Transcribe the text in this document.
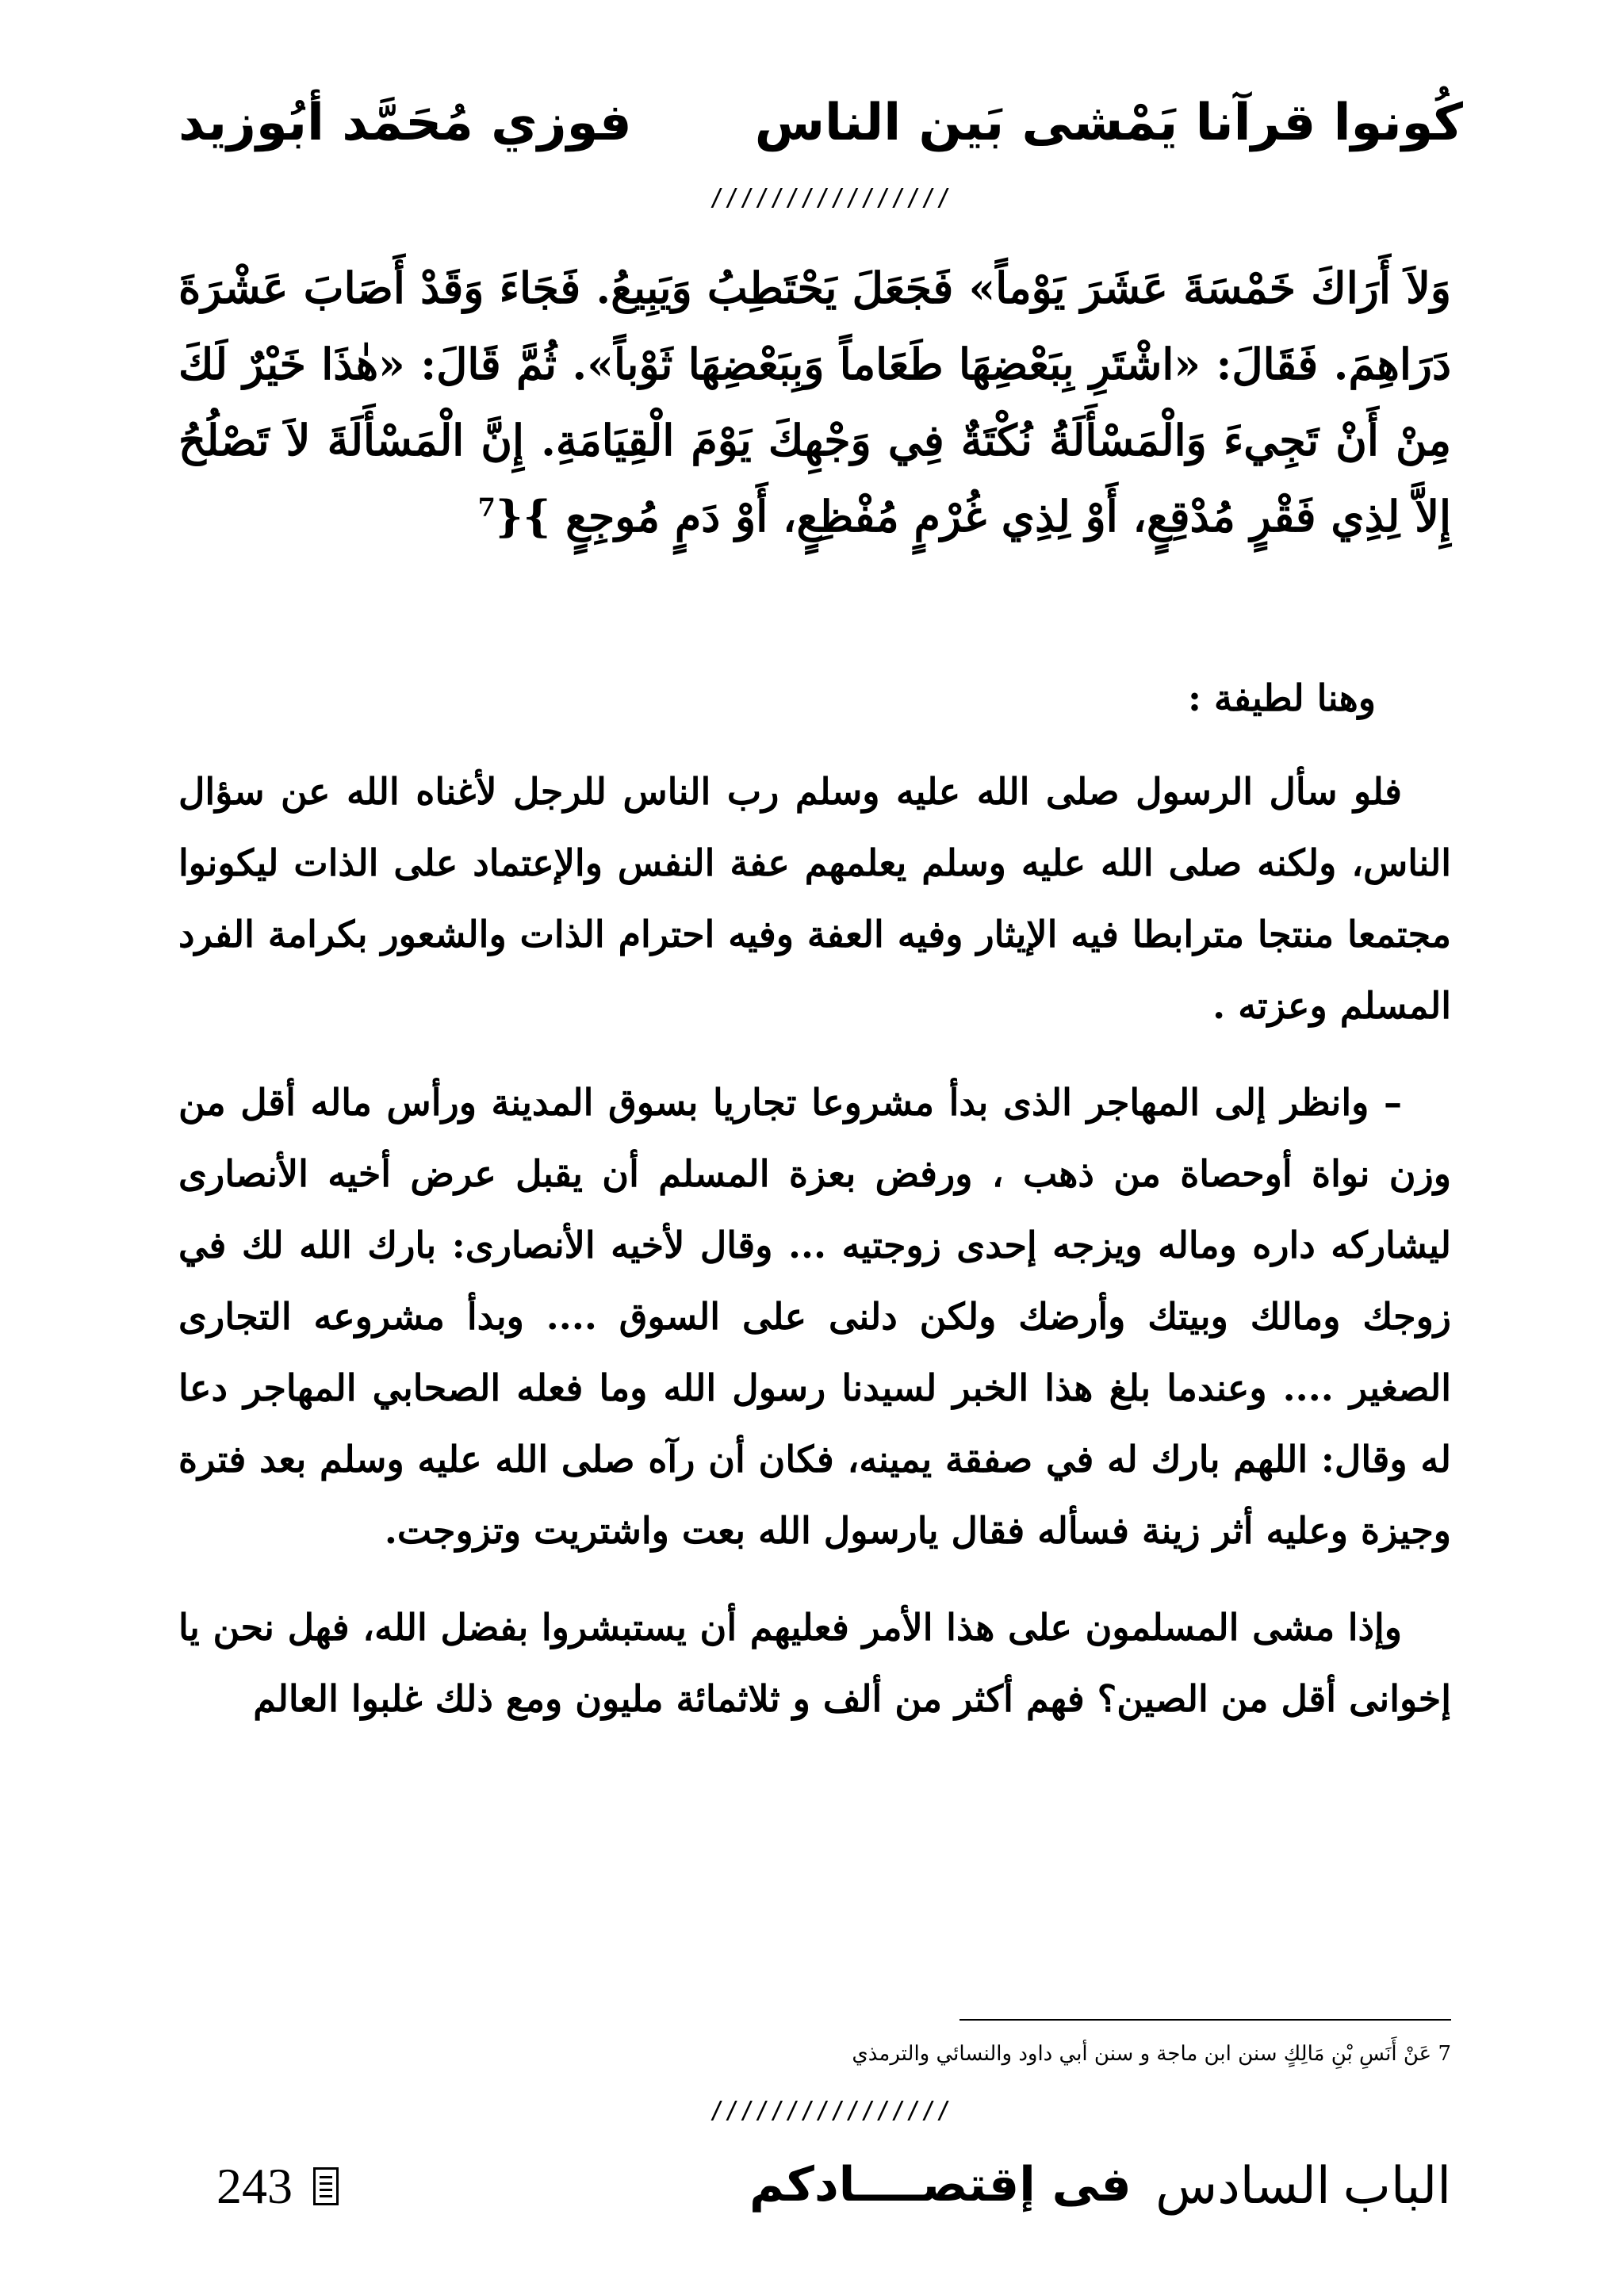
كُونوا قرآنا يَمْشى بَين الناس
فوزي مُحَمَّد أبُوزيد
////////////////
وَلاَ أَرَاكَ خَمْسَةَ عَشَرَ يَوْماً» فَجَعَلَ يَحْتَطِبُ وَيَبِيعُ. فَجَاءَ وَقَدْ أَصَابَ عَشْرَةَ دَرَاهِمَ. فَقَالَ: «اشْتَرِ بِبَعْضِهَا طَعَاماً وَبِبَعْضِهَا ثَوْباً». ثُمَّ قَالَ: «هٰذَا خَيْرٌ لَكَ مِنْ أَنْ تَجِيءَ وَالْمَسْأَلَةُ نُكْتَةٌ فِي وَجْهِكَ يَوْمَ الْقِيَامَةِ. إِنَّ الْمَسْأَلَةَ لاَ تَصْلُحُ إِلاَّ لِذِي فَقْرٍ مُدْقِعٍ، أَوْ لِذِي غُرْمٍ مُفْظِعٍ، أَوْ دَمٍ مُوجِعٍ }{$^7$

وهنا لطيفة :

فلو سأل الرسول صلى الله عليه وسلم رب الناس للرجل لأغناه الله عن سؤال الناس، ولكنه صلى الله عليه وسلم يعلمهم عفة النفس والإعتماد على الذات ليكونوا مجتمعا منتجا مترابطا فيه الإيثار وفيه العفة وفيه احترام الذات والشعور بكرامة الفرد المسلم وعزته .

– وانظر إلى المهاجر الذى بدأ مشروعا تجاريا بسوق المدينة ورأس ماله أقل من وزن نواة أوحصاة من ذهب ، ورفض بعزة المسلم أن يقبل عرض أخيه الأنصارى ليشاركه داره وماله ويزجه إحدى زوجتيه ... وقال لأخيه الأنصارى: بارك الله لك في زوجك ومالك وبيتك وأرضك ولكن دلنى على السوق .... وبدأ مشروعه التجارى الصغير .... وعندما بلغ هذا الخبر لسيدنا رسول الله وما فعله الصحابي المهاجر دعا له وقال: اللهم بارك له في صفقة يمينه، فكان أن رآه صلى الله عليه وسلم بعد فترة وجيزة وعليه أثر زينة فسأله فقال يارسول الله بعت واشتريت وتزوجت.

وإذا مشى المسلمون على هذا الأمر فعليهم أن يستبشروا بفضل الله، فهل نحن يا إخوانى أقل من الصين؟ فهم أكثر من ألف و ثلاثمائة مليون ومع ذلك غلبوا العالم

7 عَنْ أَنَسِ بْنِ مَالِكٍ سنن ابن ماجة و سنن أبي داود والنسائي والترمذي
////////////////
الباب السادس
فى إقتصــــادكم
243
